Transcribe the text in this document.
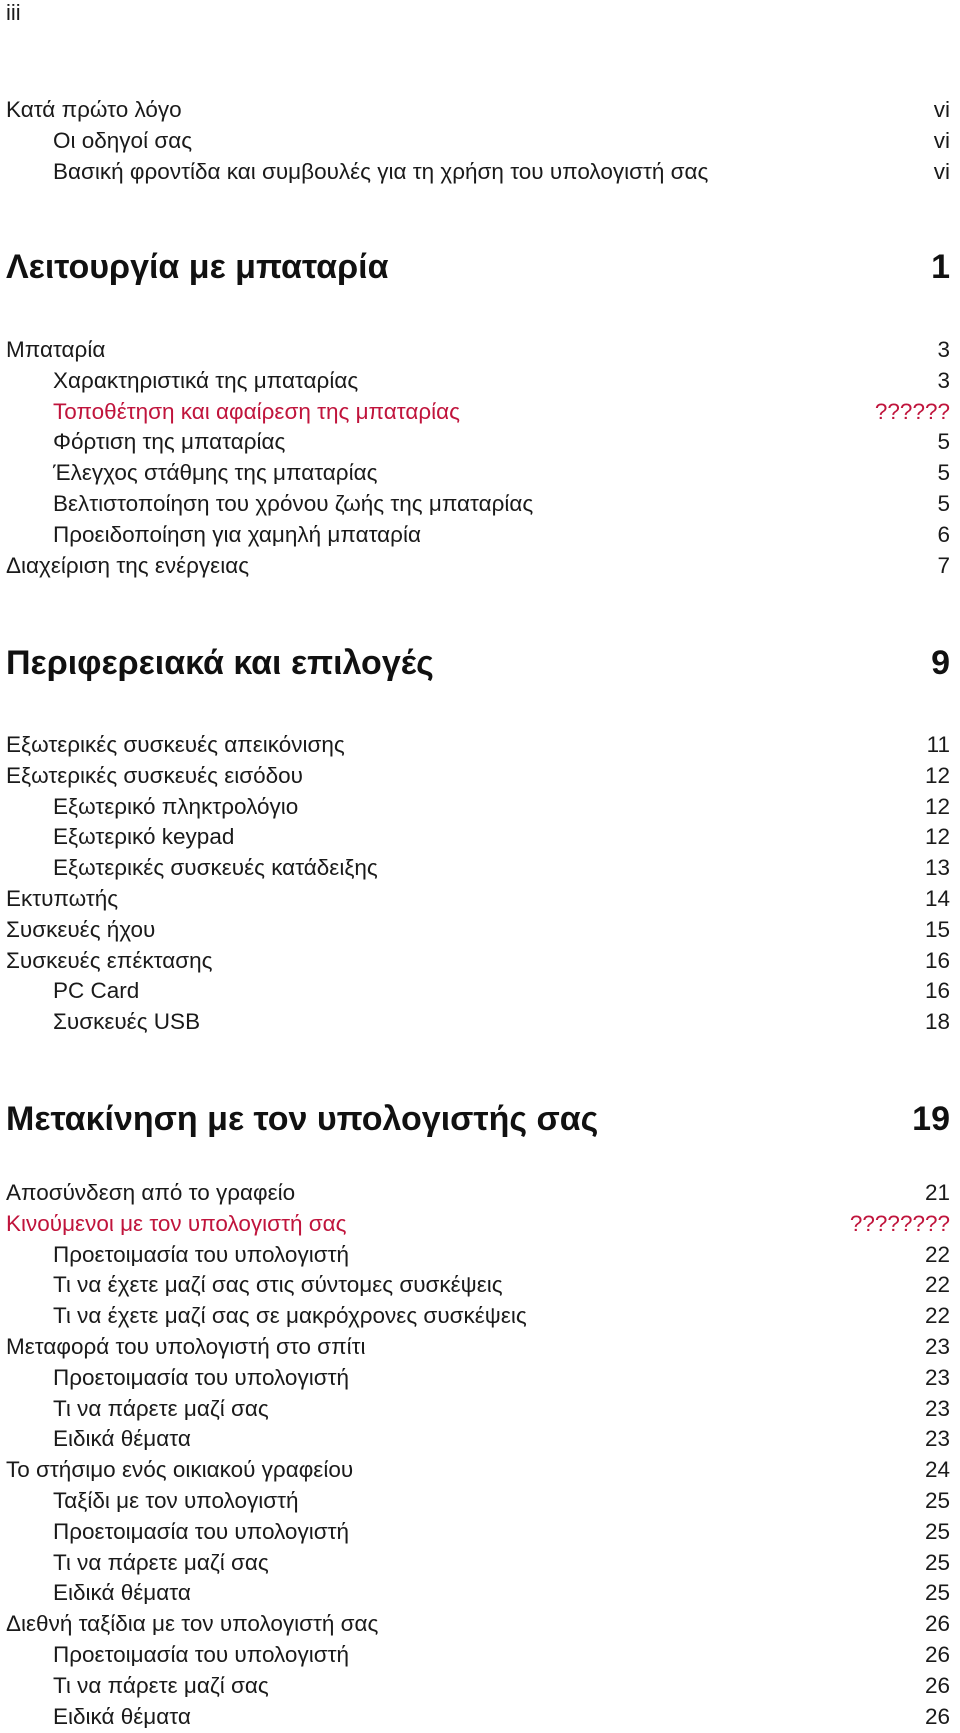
iii
Κατά πρώτο λόγο	vi
Οι οδηγοί σας	vi
Βασική φροντίδα και συμβουλές για τη χρήση του υπολογιστή σας	vi
Λειτουργία με μπαταρία	1
Μπαταρία	3
Χαρακτηριστικά της μπαταρίας	3
Τοποθέτηση και αφαίρεση της μπαταρίας	??????
Φόρτιση της μπαταρίας	5
Έλεγχος στάθμης της μπαταρίας	5
Βελτιστοποίηση του χρόνου ζωής της μπαταρίας	5
Προειδοποίηση για χαμηλή μπαταρία	6
Διαχείριση της ενέργειας	7
Περιφερειακά και επιλογές	9
Εξωτερικές συσκευές απεικόνισης	11
Εξωτερικές συσκευές εισόδου	12
Εξωτερικό πληκτρολόγιο	12
Εξωτερικό keypad	12
Εξωτερικές συσκευές κατάδειξης	13
Εκτυπωτής	14
Συσκευές ήχου	15
Συσκευές επέκτασης	16
PC Card	16
Συσκευές USB	18
Μετακίνηση με τον υπολογιστής σας	19
Αποσύνδεση από το γραφείο	21
Κινούμενοι με τον υπολογιστή σας	????????
Προετοιμασία του υπολογιστή	22
Τι να έχετε μαζί σας στις σύντομες συσκέψεις	22
Τι να έχετε μαζί σας σε μακρόχρονες συσκέψεις	22
Μεταφορά του υπολογιστή στο σπίτι	23
Προετοιμασία του υπολογιστή	23
Τι να πάρετε μαζί σας	23
Ειδικά θέματα	23
Το στήσιμο ενός οικιακού γραφείου	24
Ταξίδι με τον υπολογιστή	25
Προετοιμασία του υπολογιστή	25
Τι να πάρετε μαζί σας	25
Ειδικά θέματα	25
Διεθνή ταξίδια με τον υπολογιστή σας	26
Προετοιμασία του υπολογιστή	26
Τι να πάρετε μαζί σας	26
Ειδικά θέματα	26
